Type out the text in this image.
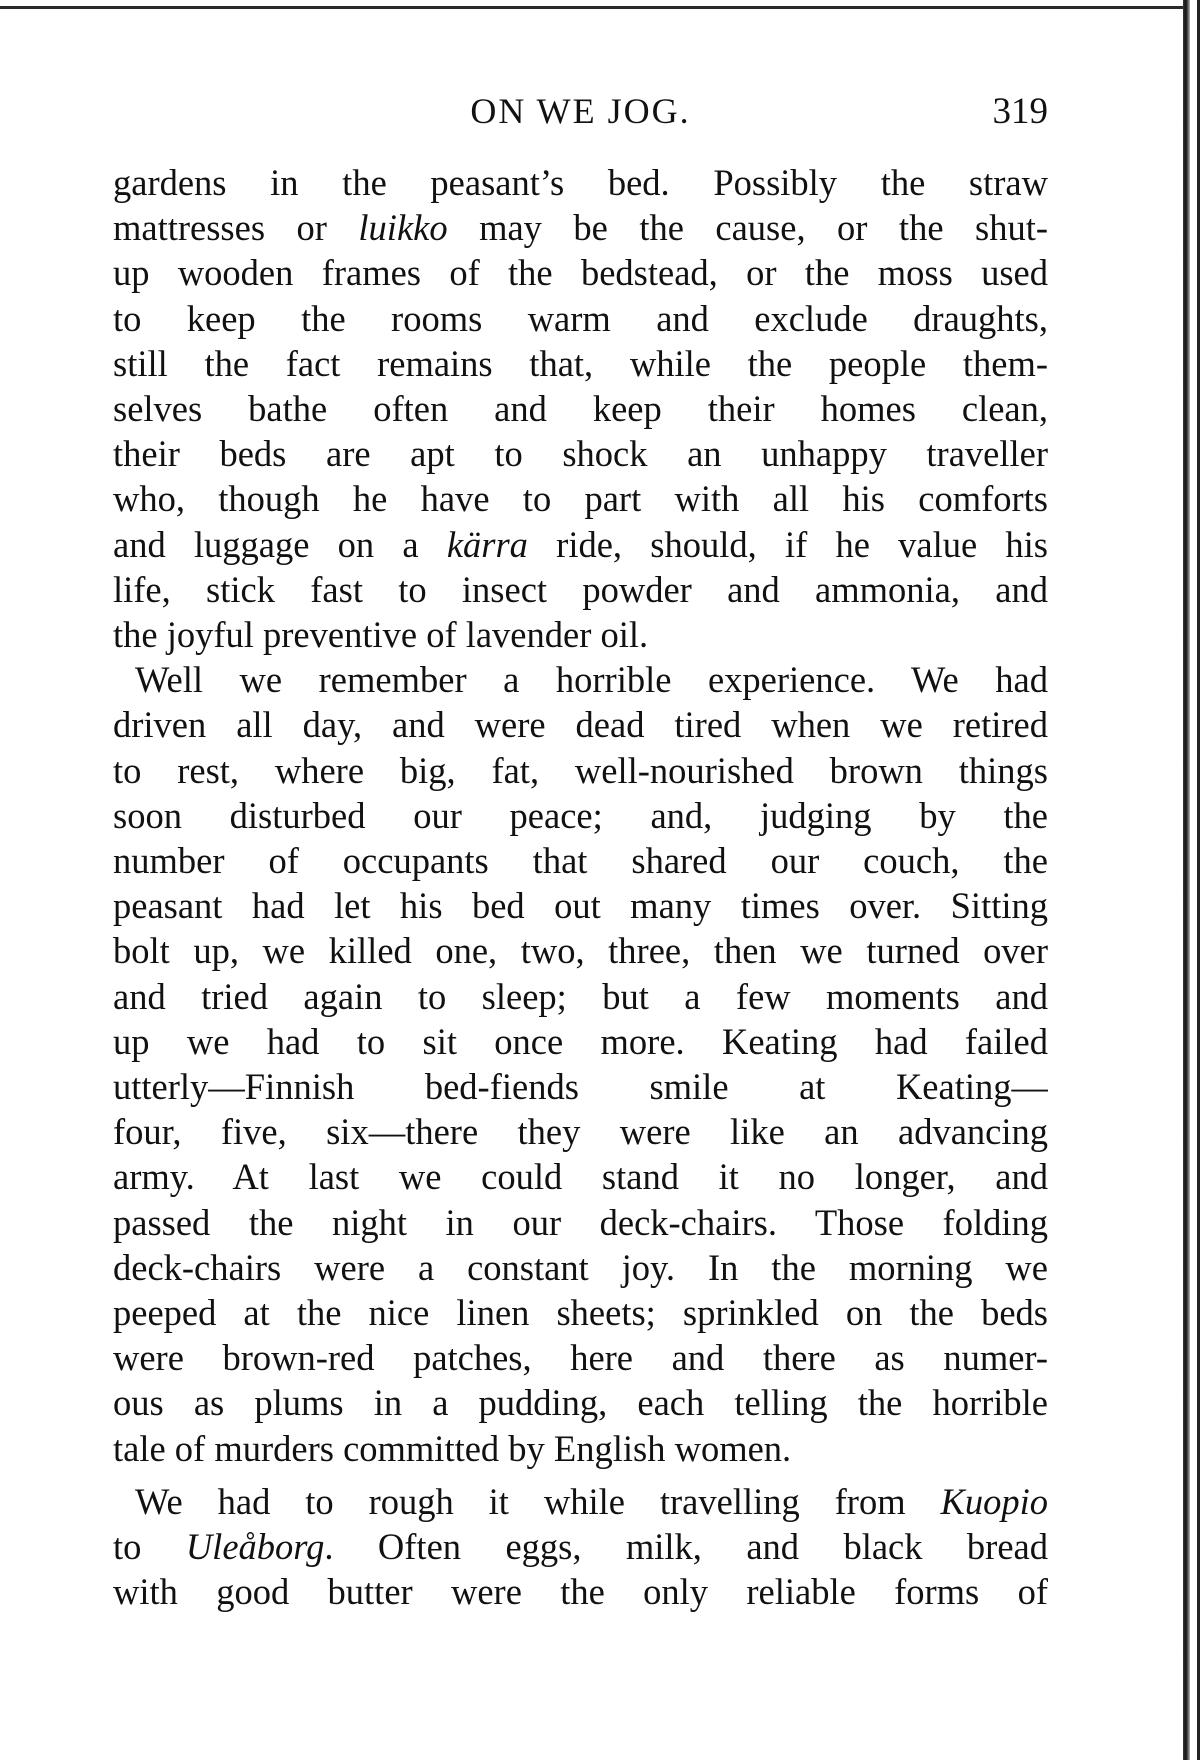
ON WE JOG.	319
gardens in the peasant’s bed. Possibly the straw
mattresses or luikko may be the cause, or the shut-
up wooden frames of the bedstead, or the moss used
to keep the rooms warm and exclude draughts,
still the fact remains that, while the people them-
selves bathe often and keep their homes clean,
their beds are apt to shock an unhappy traveller
who, though he have to part with all his comforts
and luggage on a kärra ride, should, if he value his
life, stick fast to insect powder and ammonia, and
the joyful preventive of lavender oil.
Well we remember a horrible experience. We had
driven all day, and were dead tired when we retired
to rest, where big, fat, well-nourished brown things
soon disturbed our peace; and, judging by the
number of occupants that shared our couch, the
peasant had let his bed out many times over. Sitting
bolt up, we killed one, two, three, then we turned over
and tried again to sleep; but a few moments and
up we had to sit once more. Keating had failed
utterly—Finnish bed-fiends smile at Keating—
four, five, six—there they were like an advancing
army. At last we could stand it no longer, and
passed the night in our deck-chairs. Those folding
deck-chairs were a constant joy. In the morning we
peeped at the nice linen sheets; sprinkled on the beds
were brown-red patches, here and there as numer-
ous as plums in a pudding, each telling the horrible
tale of murders committed by English women.
We had to rough it while travelling from Kuopio
to Uleåborg. Often eggs, milk, and black bread
with good butter were the only reliable forms of
